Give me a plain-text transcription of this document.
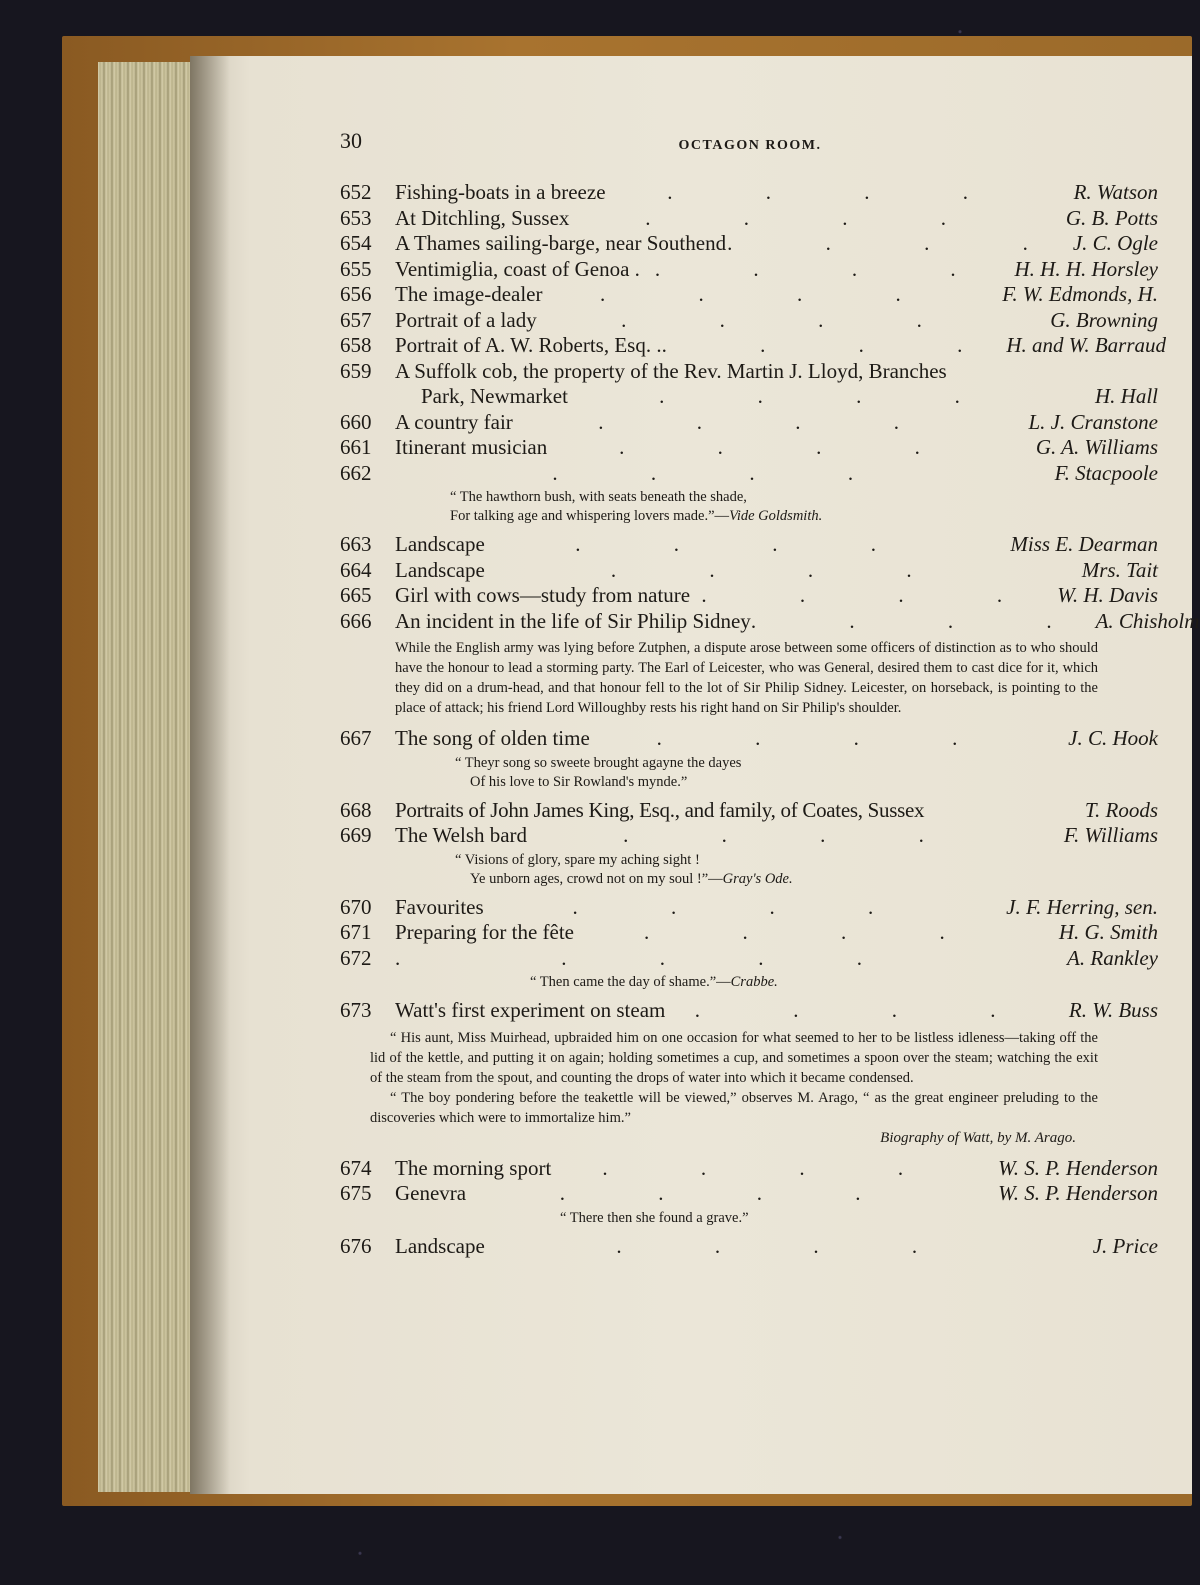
30	OCTAGON ROOM.
652	Fishing-boats in a breeze	. . . .	R. Watson
653	At Ditchling, Sussex	. . . .	G. B. Potts
654	A Thames sailing-barge, near Southend . . . . J. C. Ogle
655	Ventimiglia, coast of Genoa . . . . . H. H. H. Horsley
656	The image-dealer	. . . .	F. W. Edmonds, H.
657	Portrait of a lady	. . . .	G. Browning
658	Portrait of A. W. Roberts, Esq. . . . . . H. and W. Barraud
659	A Suffolk cob, the property of the Rev. Martin J. Lloyd, Branches
Park, Newmarket	. . . .	H. Hall
660	A country fair	. . . .	L. J. Cranstone
661	Itinerant musician	. . . .	G. A. Williams
662	. . . .	F. Stacpoole
“ The hawthorn bush, with seats beneath the shade,
For talking age and whispering lovers made.”—Vide Goldsmith.
663	Landscape	. . . .	Miss E. Dearman
664	Landscape	. . . .	Mrs. Tait
665	Girl with cows—study from nature . . . . W. H. Davis
666	An incident in the life of Sir Philip Sidney . . . . A. Chisholm

While the English army was lying before Zutphen, a dispute arose between some officers of distinction as to who should have the honour to lead a storming party. The Earl of Leicester, who was General, desired them to cast dice for it, which they did on a drum-head, and that honour fell to the lot of Sir Philip Sidney. Leicester, on horseback, is pointing to the place of attack; his friend Lord Willoughby rests his right hand on Sir Philip's shoulder.

667	The song of olden time	. . . .	J. C. Hook
“ Theyr song so sweete brought agayne the dayes
Of his love to Sir Rowland's mynde.”
668	Portraits of John James King, Esq., and family, of Coates, Sussex	T. Roods
669	The Welsh bard	. . . .	F. Williams
“ Visions of glory, spare my aching sight !
Ye unborn ages, crowd not on my soul !”—Gray's Ode.
670	Favourites	. . . .	J. F. Herring, sen.
671	Preparing for the fête	. . . .	H. G. Smith
672	.	. . . .	A. Rankley
“ Then came the day of shame.”—Crabbe.
673	Watt's first experiment on steam	. . . .	R. W. Buss

“ His aunt, Miss Muirhead, upbraided him on one occasion for what seemed to her to be listless idleness—taking off the lid of the kettle, and putting it on again; holding sometimes a cup, and sometimes a spoon over the steam; watching the exit of the steam from the spout, and counting the drops of water into which it became condensed.

“ The boy pondering before the teakettle will be viewed,” observes M. Arago, “ as the great engineer preluding to the discoveries which were to immortalize him.”

Biography of Watt, by M. Arago.
674	The morning sport	. . . .	W. S. P. Henderson
675	Genevra	. . . .	W. S. P. Henderson
“ There then she found a grave.”
676	Landscape	. . . .	J. Price
